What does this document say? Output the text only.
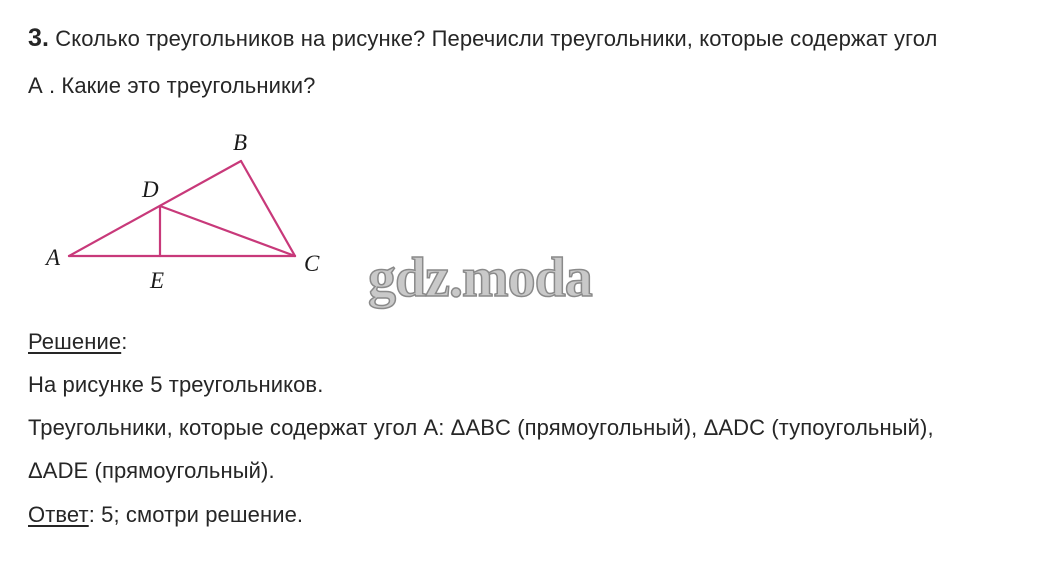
3. Сколько треугольников на рисунке? Перечисли треугольники, которые содержат угол
А . Какие это треугольники?
A
B
C
D
E	gdz.moda
Решение:
На рисунке 5 треугольников.
Треугольники, которые содержат угол А: ΔABC (прямоугольный), ΔADC (тупоугольный),
ΔADE (прямоугольный).
Ответ: 5; смотри решение.
